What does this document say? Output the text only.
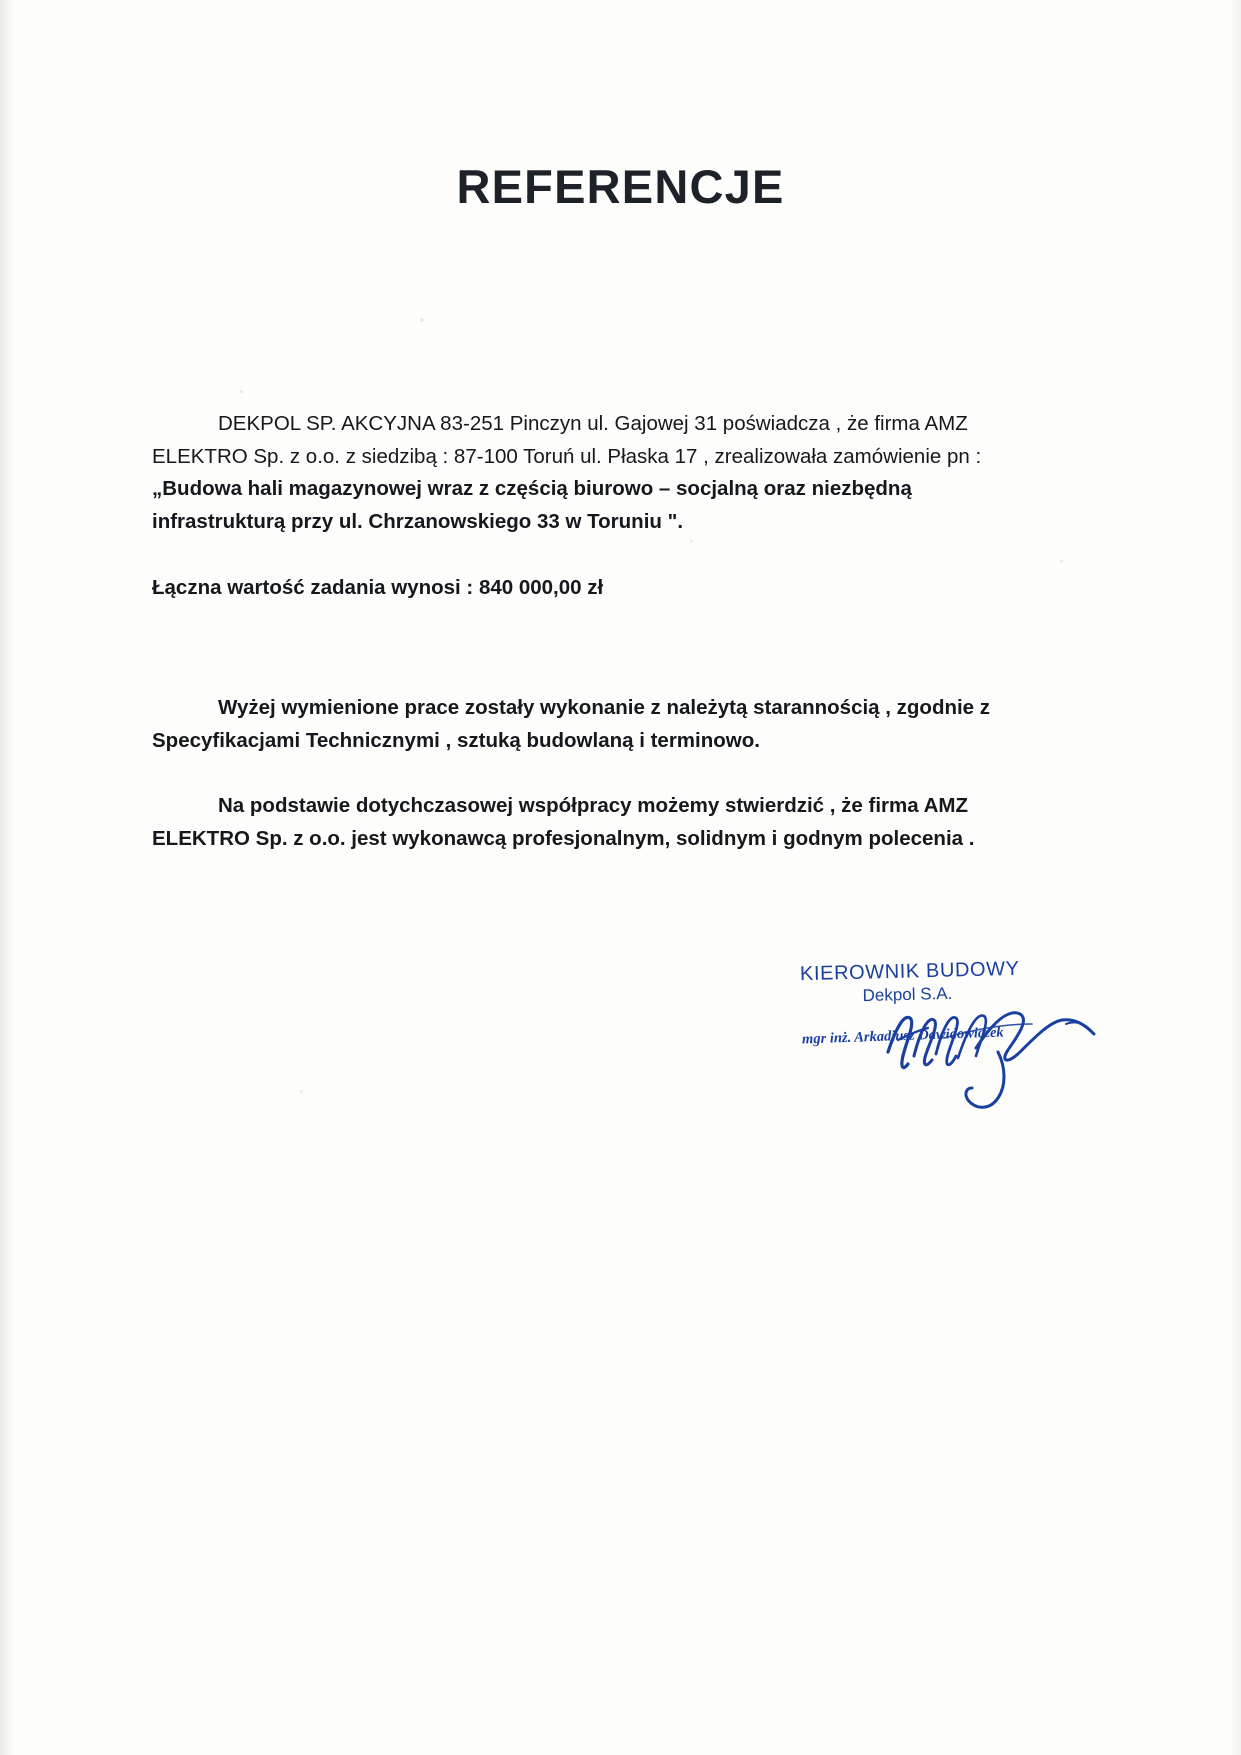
REFERENCJE
DEKPOL SP. AKCYJNA 83-251 Pinczyn ul. Gajowej 31 poświadcza , że firma AMZ
ELEKTRO Sp. z o.o. z siedzibą : 87-100 Toruń ul. Płaska 17 , zrealizowała zamówienie pn :
„Budowa hali magazynowej wraz z częścią biurowo – socjalną oraz niezbędną
infrastrukturą przy ul. Chrzanowskiego 33 w Toruniu ".
Łączna wartość zadania wynosi : 840 000,00 zł
Wyżej wymienione prace zostały wykonanie z należytą starannością , zgodnie z
Specyfikacjami Technicznymi , sztuką budowlaną i terminowo.
Na podstawie dotychczasowej współpracy możemy stwierdzić , że firma AMZ
ELEKTRO Sp. z o.o. jest wykonawcą profesjonalnym, solidnym i godnym polecenia .
KIEROWNIK BUDOWY
Dekpol S.A.
mgr inż. Arkadiusz Dawidowiczek
